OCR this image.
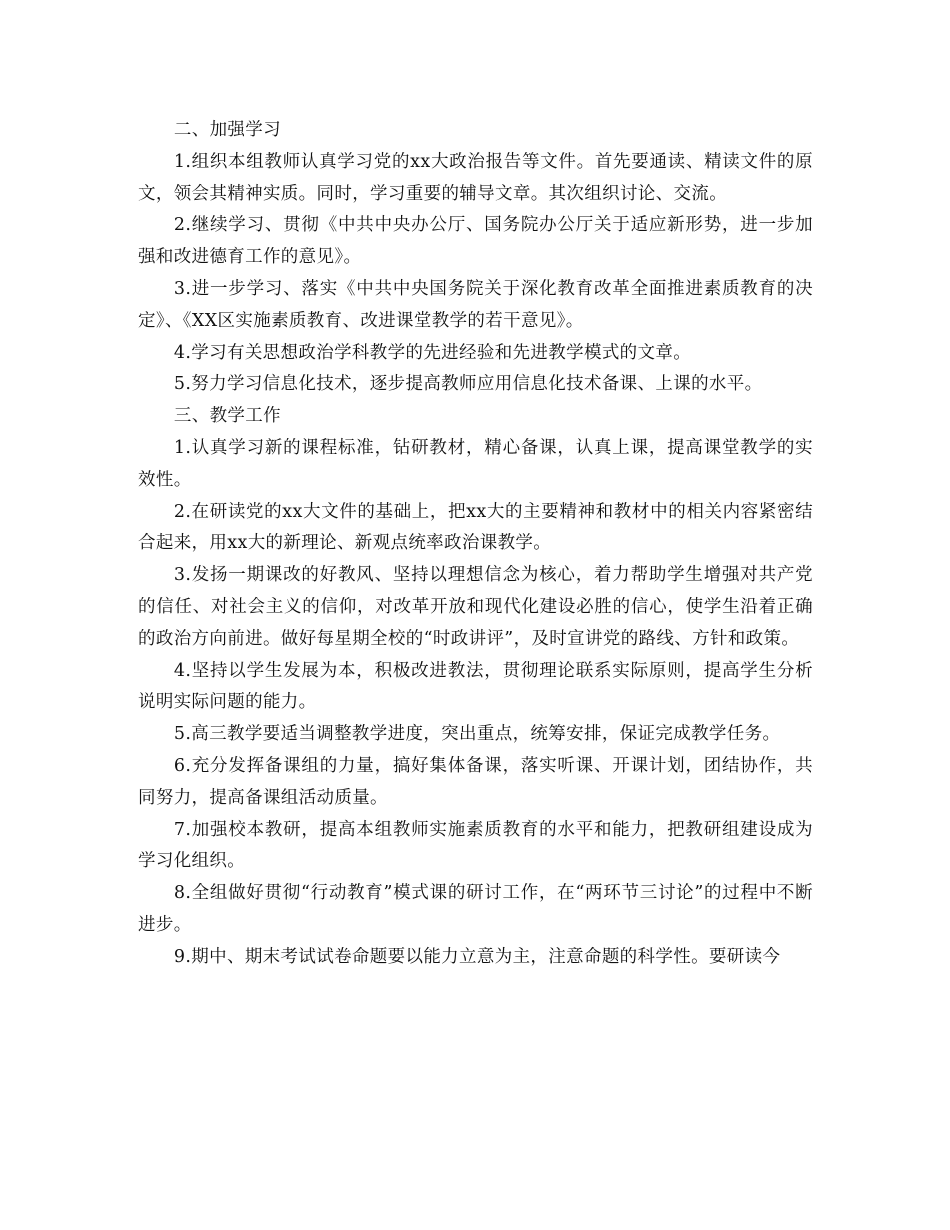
二、加强学习

1.组织本组教师认真学习党的xx大政治报告等文件。首先要通读、精读文件的原文，领会其精神实质。同时，学习重要的辅导文章。其次组织讨论、交流。

2.继续学习、贯彻《中共中央办公厅、国务院办公厅关于适应新形势，进一步加强和改进德育工作的意见》。

3.进一步学习、落实《中共中央国务院关于深化教育改革全面推进素质教育的决定》、《XX区实施素质教育、改进课堂教学的若干意见》。

4.学习有关思想政治学科教学的先进经验和先进教学模式的文章。

5.努力学习信息化技术，逐步提高教师应用信息化技术备课、上课的水平。

三、教学工作

1.认真学习新的课程标准，钻研教材，精心备课，认真上课，提高课堂教学的实效性。

2.在研读党的xx大文件的基础上，把xx大的主要精神和教材中的相关内容紧密结合起来，用xx大的新理论、新观点统率政治课教学。

3.发扬一期课改的好教风、坚持以理想信念为核心，着力帮助学生增强对共产党的信任、对社会主义的信仰，对改革开放和现代化建设必胜的信心，使学生沿着正确的政治方向前进。做好每星期全校的“时政讲评”，及时宣讲党的路线、方针和政策。

4.坚持以学生发展为本，积极改进教法，贯彻理论联系实际原则，提高学生分析说明实际问题的能力。

5.高三教学要适当调整教学进度，突出重点，统筹安排，保证完成教学任务。

6.充分发挥备课组的力量，搞好集体备课，落实听课、开课计划，团结协作，共同努力，提高备课组活动质量。

7.加强校本教研，提高本组教师实施素质教育的水平和能力，把教研组建设成为学习化组织。

8.全组做好贯彻“行动教育”模式课的研讨工作，在“两环节三讨论”的过程中不断进步。

9.期中、期末考试试卷命题要以能力立意为主，注意命题的科学性。要研读今
